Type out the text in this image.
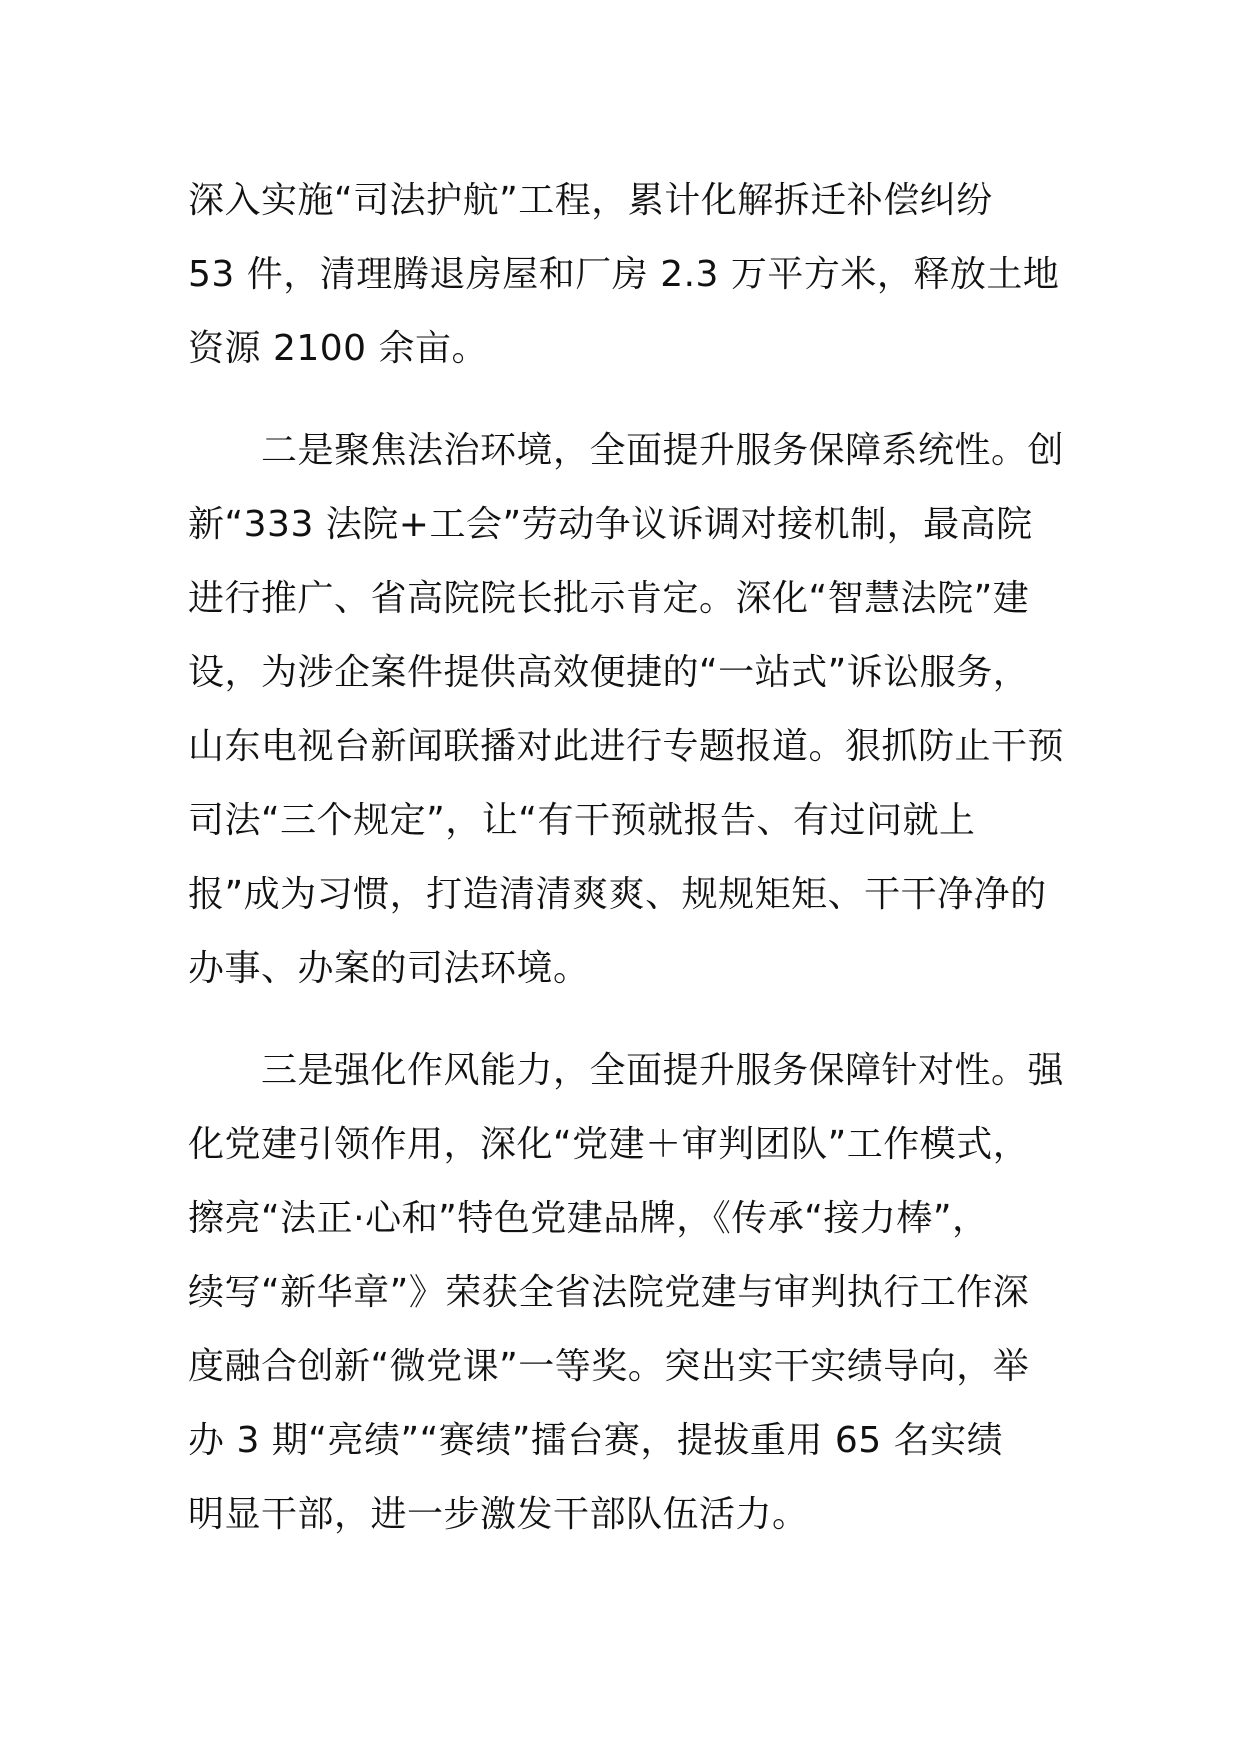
深入实施“司法护航”工程，累计化解拆迁补偿纠纷
53 件，清理腾退房屋和厂房 2.3 万平方米，释放土地
资源 2100 余亩。
　　二是聚焦法治环境，全面提升服务保障系统性。创
新“333 法院+工会”劳动争议诉调对接机制，最高院
进行推广、省高院院长批示肯定。深化“智慧法院”建
设，为涉企案件提供高效便捷的“一站式”诉讼服务，
山东电视台新闻联播对此进行专题报道。狠抓防止干预
司法“三个规定”，让“有干预就报告、有过问就上
报”成为习惯，打造清清爽爽、规规矩矩、干干净净的
办事、办案的司法环境。
　　三是强化作风能力，全面提升服务保障针对性。强
化党建引领作用，深化“党建＋审判团队”工作模式，
擦亮“法正·心和”特色党建品牌，《传承“接力棒”，
续写“新华章”》荣获全省法院党建与审判执行工作深
度融合创新“微党课”一等奖。突出实干实绩导向，举
办 3 期“亮绩”“赛绩”擂台赛，提拔重用 65 名实绩
明显干部，进一步激发干部队伍活力。
